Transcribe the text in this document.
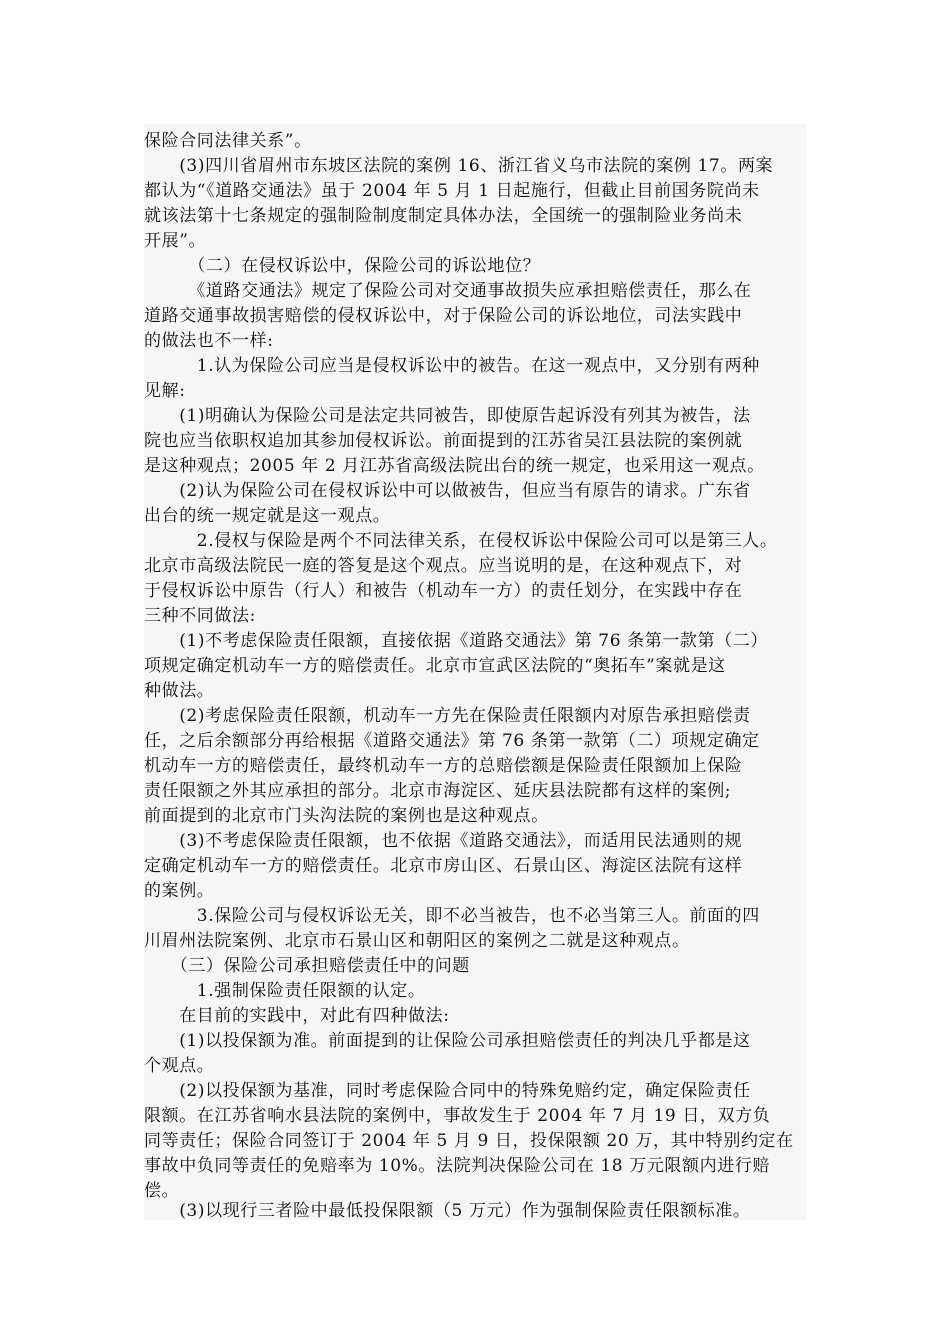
保险合同法律关系”。
　　(3)四川省眉州市东坡区法院的案例 16、浙江省义乌市法院的案例 17。两案
都认为“《道路交通法》虽于 2004 年 5 月 1 日起施行，但截止目前国务院尚未
就该法第十七条规定的强制险制度制定具体办法，全国统一的强制险业务尚未
开展”。
　　　（二）在侵权诉讼中，保险公司的诉讼地位？
　　　《道路交通法》规定了保险公司对交通事故损失应承担赔偿责任，那么在
道路交通事故损害赔偿的侵权诉讼中，对于保险公司的诉讼地位，司法实践中
的做法也不一样:
　　　1.认为保险公司应当是侵权诉讼中的被告。在这一观点中，又分别有两种
见解:
　　(1)明确认为保险公司是法定共同被告，即使原告起诉没有列其为被告，法
院也应当依职权追加其参加侵权诉讼。前面提到的江苏省吴江县法院的案例就
是这种观点；2005 年 2 月江苏省高级法院出台的统一规定，也采用这一观点。
　　(2)认为保险公司在侵权诉讼中可以做被告，但应当有原告的请求。广东省
出台的统一规定就是这一观点。
　　　2.侵权与保险是两个不同法律关系，在侵权诉讼中保险公司可以是第三人。
北京市高级法院民一庭的答复是这个观点。应当说明的是，在这种观点下，对
于侵权诉讼中原告（行人）和被告（机动车一方）的责任划分，在实践中存在
三种不同做法:
　　(1)不考虑保险责任限额，直接依据《道路交通法》第 76 条第一款第（二）
项规定确定机动车一方的赔偿责任。北京市宣武区法院的“奥拓车”案就是这
种做法。
　　(2)考虑保险责任限额，机动车一方先在保险责任限额内对原告承担赔偿责
任，之后余额部分再给根据《道路交通法》第 76 条第一款第（二）项规定确定
机动车一方的赔偿责任，最终机动车一方的总赔偿额是保险责任限额加上保险
责任限额之外其应承担的部分。北京市海淀区、延庆县法院都有这样的案例;
前面提到的北京市门头沟法院的案例也是这种观点。
　　(3)不考虑保险责任限额，也不依据《道路交通法》，而适用民法通则的规
定确定机动车一方的赔偿责任。北京市房山区、石景山区、海淀区法院有这样
的案例。
　　　3.保险公司与侵权诉讼无关，即不必当被告，也不必当第三人。前面的四
川眉州法院案例、北京市石景山区和朝阳区的案例之二就是这种观点。
　　（三）保险公司承担赔偿责任中的问题
　　　1.强制保险责任限额的认定。
　　在目前的实践中，对此有四种做法:
　　(1)以投保额为准。前面提到的让保险公司承担赔偿责任的判决几乎都是这
个观点。
　　(2)以投保额为基准，同时考虑保险合同中的特殊免赔约定，确定保险责任
限额。在江苏省响水县法院的案例中，事故发生于 2004 年 7 月 19 日，双方负
同等责任；保险合同签订于 2004 年 5 月 9 日，投保限额 20 万，其中特别约定在
事故中负同等责任的免赔率为 10%。法院判决保险公司在 18 万元限额内进行赔
偿。
　　(3)以现行三者险中最低投保限额（5 万元）作为强制保险责任限额标准。
